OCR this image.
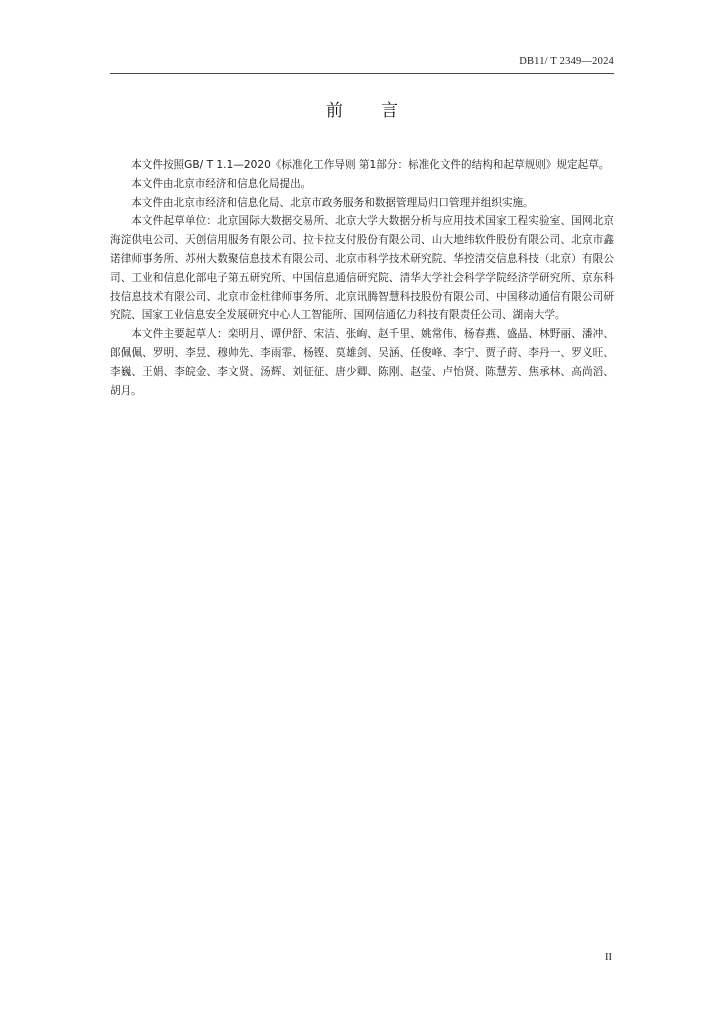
DB11/ T 2349—2024
前言

本文件按照GB/ T 1.1—2020《标准化工作导则 第1部分：标准化文件的结构和起草规则》规定起草。

本文件由北京市经济和信息化局提出。

本文件由北京市经济和信息化局、北京市政务服务和数据管理局归口管理并组织实施。

本文件起草单位：北京国际大数据交易所、北京大学大数据分析与应用技术国家工程实验室、国网北京海淀供电公司、天创信用服务有限公司、拉卡拉支付股份有限公司、山大地纬软件股份有限公司、北京市鑫诺律师事务所、苏州大数聚信息技术有限公司、北京市科学技术研究院、华控清交信息科技（北京）有限公司、工业和信息化部电子第五研究所、中国信息通信研究院、清华大学社会科学学院经济学研究所、京东科技信息技术有限公司、北京市金杜律师事务所、北京讯腾智慧科技股份有限公司、中国移动通信有限公司研究院、国家工业信息安全发展研究中心人工智能所、国网信通亿力科技有限责任公司、湖南大学。

本文件主要起草人：栾明月、谭伊舒、宋洁、张峋、赵千里、姚常伟、杨春燕、盛晶、林野丽、潘冲、郎佩佩、罗明、李昱、穆帅先、李雨霏、杨铿、莫雄剑、吴涵、任俊峰、李宁、贾子莳、李丹一、罗义旺、李巍、王娟、李皖金、李文贤、汤辉、刘征征、唐少卿、陈刚、赵莹、卢怡贤、陈慧芳、焦承林、高尚滔、胡月。

II
